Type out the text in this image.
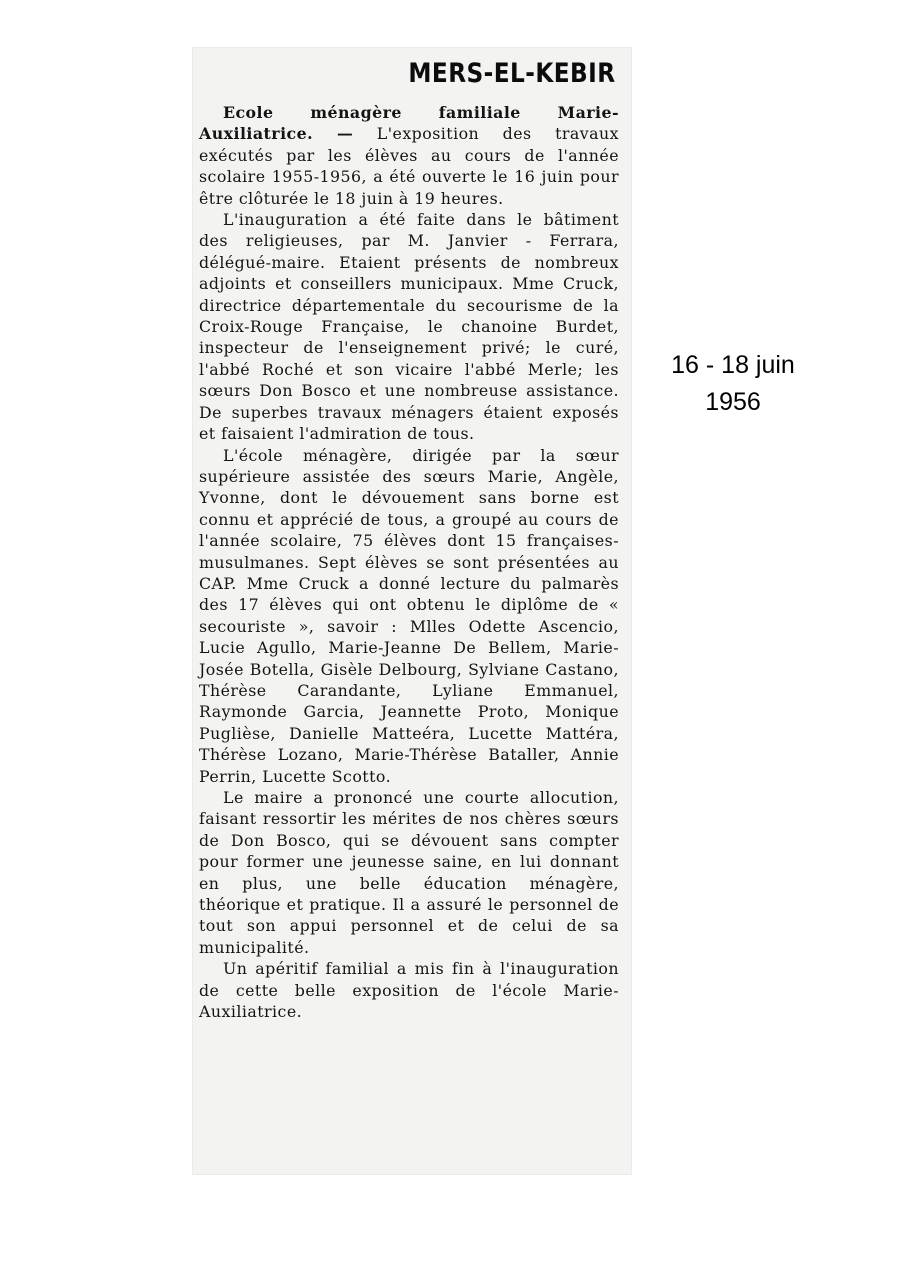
MERS-EL-KEBIR

Ecole ménagère familiale Marie-Auxiliatrice. — L'exposition des travaux exécutés par les élèves au cours de l'année scolaire 1955-1956, a été ouverte le 16 juin pour être clôturée le 18 juin à 19 heures.

L'inauguration a été faite dans le bâtiment des religieuses, par M. Janvier - Ferrara, délégué-maire. Etaient présents de nombreux adjoints et conseillers municipaux. Mme Cruck, directrice départementale du secourisme de la Croix-Rouge Française, le chanoine Burdet, inspecteur de l'enseignement privé; le curé, l'abbé Roché et son vicaire l'abbé Merle; les sœurs Don Bosco et une nombreuse assistance. De superbes travaux ménagers étaient exposés et faisaient l'admiration de tous.

L'école ménagère, dirigée par la sœur supérieure assistée des sœurs Marie, Angèle, Yvonne, dont le dévouement sans borne est connu et apprécié de tous, a groupé au cours de l'année scolaire, 75 élèves dont 15 françaises-musulmanes. Sept élèves se sont présentées au CAP. Mme Cruck a donné lecture du palmarès des 17 élèves qui ont obtenu le diplôme de « secouriste », savoir : Mlles Odette Ascencio, Lucie Agullo, Marie-Jeanne De Bellem, Marie-Josée Botella, Gisèle Delbourg, Sylviane Castano, Thérèse Carandante, Lyliane Emmanuel, Raymonde Garcia, Jeannette Proto, Monique Puglièse, Danielle Matteéra, Lucette Mattéra, Thérèse Lozano, Marie-Thérèse Bataller, Annie Perrin, Lucette Scotto.

Le maire a prononcé une courte allocution, faisant ressortir les mérites de nos chères sœurs de Don Bosco, qui se dévouent sans compter pour former une jeunesse saine, en lui donnant en plus, une belle éducation ménagère, théorique et pratique. Il a assuré le personnel de tout son appui personnel et de celui de sa municipalité.

Un apéritif familial a mis fin à l'inauguration de cette belle exposition de l'école Marie-Auxiliatrice.

16 - 18 juin
1956
